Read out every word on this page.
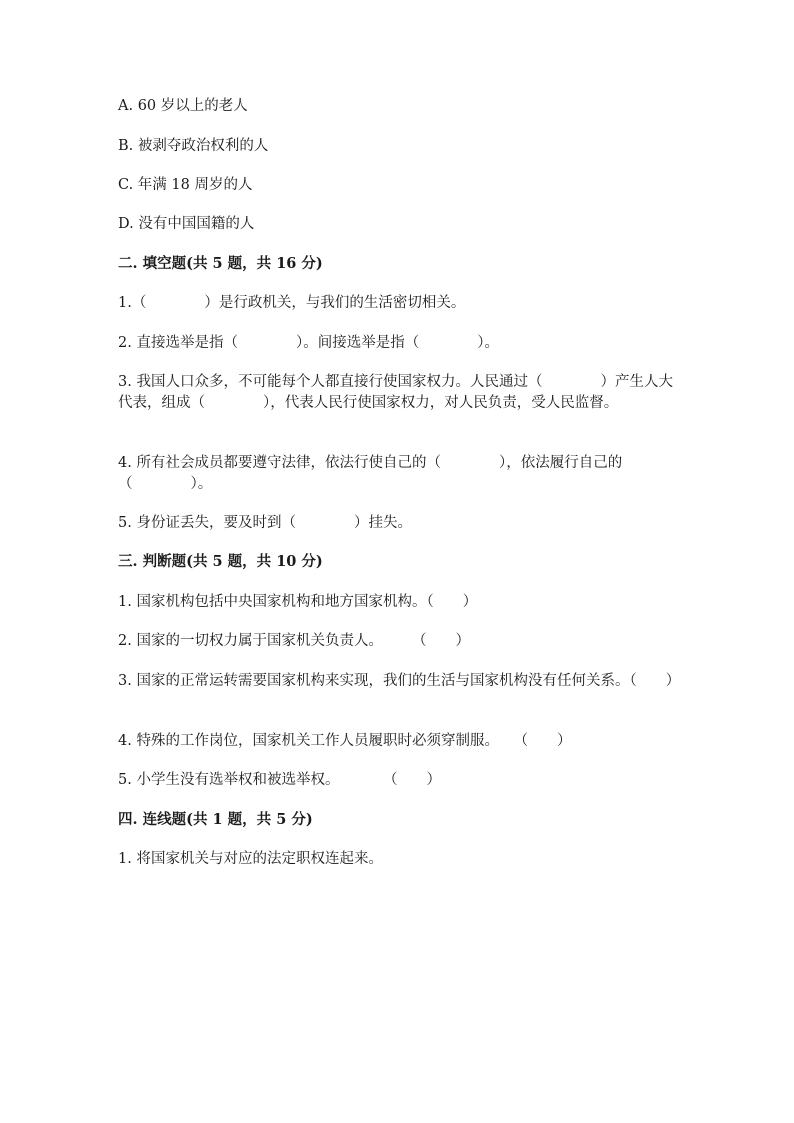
A. 60 岁以上的老人
B. 被剥夺政治权利的人
C. 年满 18 周岁的人
D. 没有中国国籍的人
二. 填空题(共 5 题，共 16 分)
1.（　　　　）是行政机关，与我们的生活密切相关。
2. 直接选举是指（　　　　）。间接选举是指（　　　　）。
3. 我国人口众多，不可能每个人都直接行使国家权力。人民通过（　　　　）产生人大代表，组成（　　　　），代表人民行使国家权力，对人民负责，受人民监督。
4. 所有社会成员都要遵守法律，依法行使自己的（　　　　），依法履行自己的（　　　　）。
5. 身份证丢失，要及时到（　　　　）挂失。
三. 判断题(共 5 题，共 10 分)
1. 国家机构包括中央国家机构和地方国家机构。（　　）
2. 国家的一切权力属于国家机关负责人。　　　（　　）
3. 国家的正常运转需要国家机构来实现，我们的生活与国家机构没有任何关系。（　　）
4. 特殊的工作岗位，国家机关工作人员履职时必须穿制服。　　（　　）
5. 小学生没有选举权和被选举权。　　　　（　　）
四. 连线题(共 1 题，共 5 分)
1. 将国家机关与对应的法定职权连起来。
